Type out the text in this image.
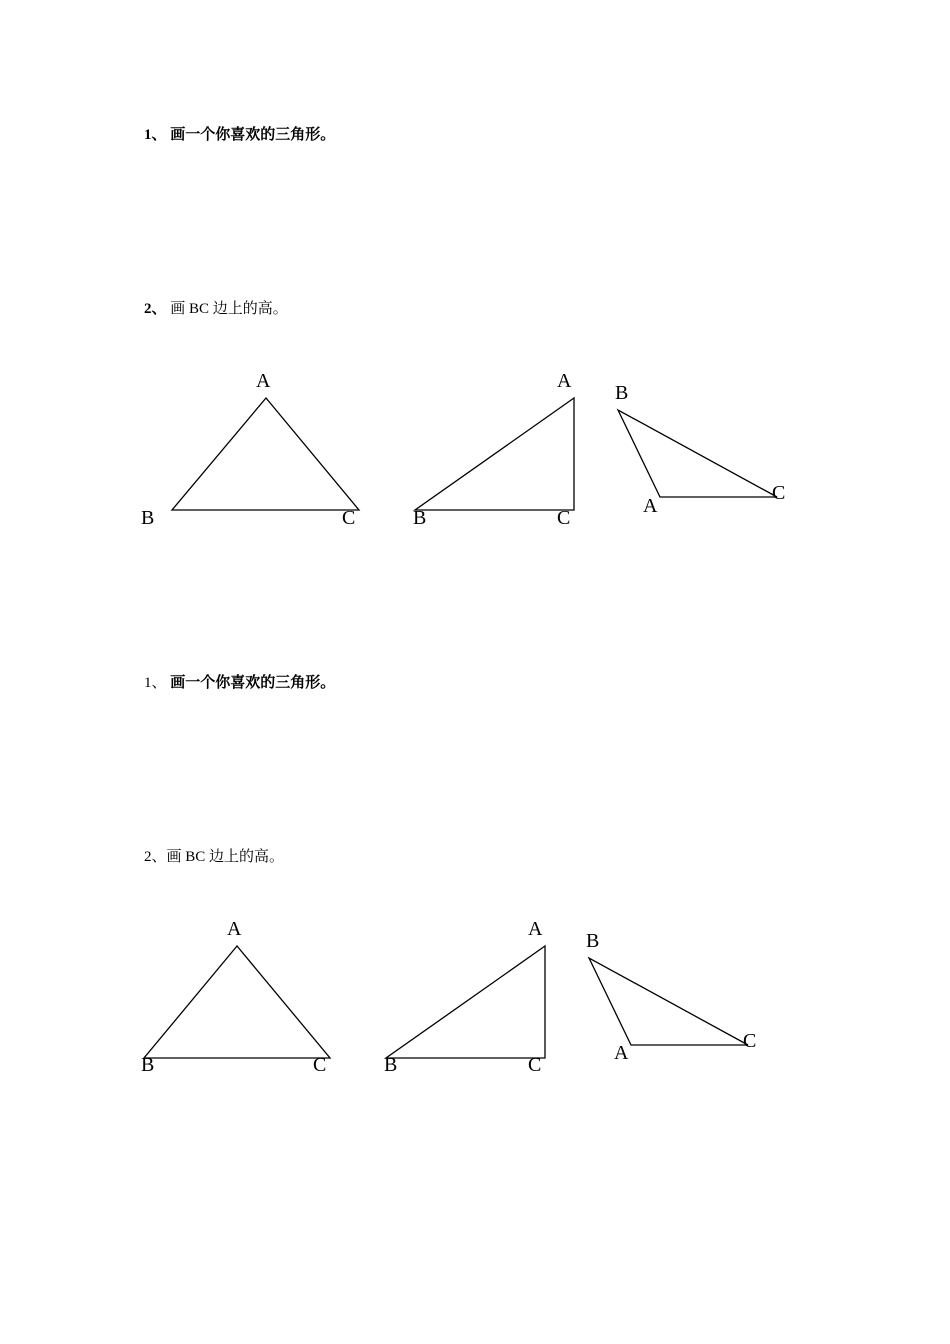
1、 画一个你喜欢的三角形。
2、 画 BC 边上的高。
1、 画一个你喜欢的三角形。
2、画 BC 边上的高。
A
B	C
A
B	C
B
A
C
A
B	C
A
B	C
B
A
C
